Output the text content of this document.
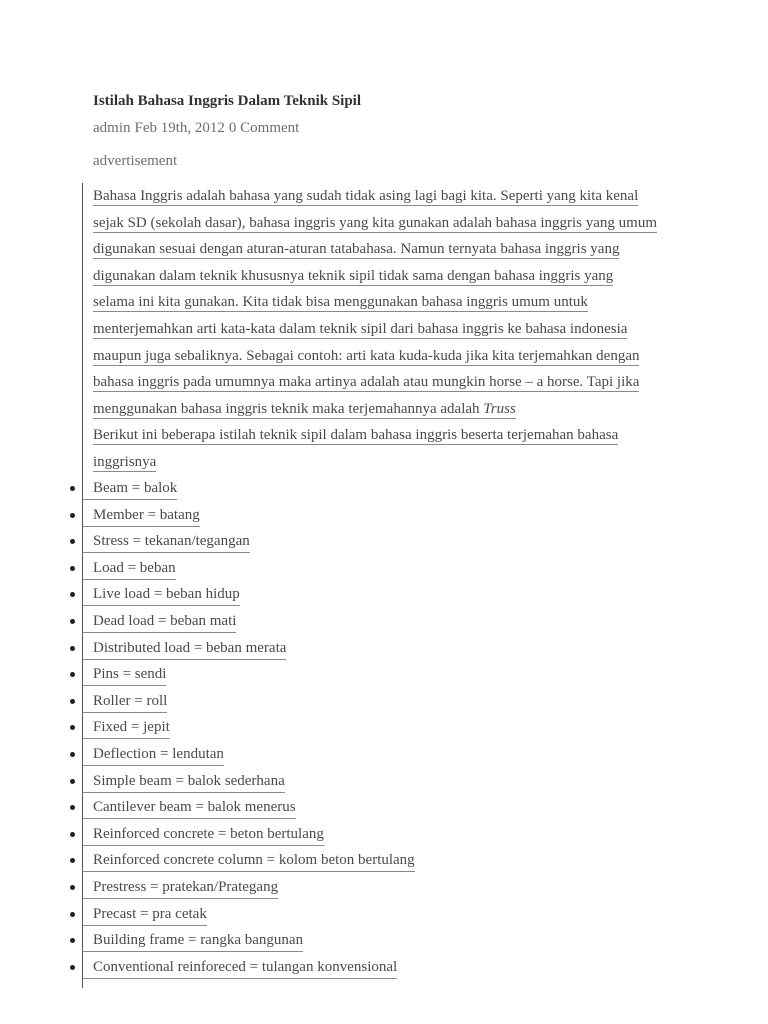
Istilah Bahasa Inggris Dalam Teknik Sipil
admin Feb 19th, 2012 0 Comment
advertisement
Bahasa Inggris adalah bahasa yang sudah tidak asing lagi bagi kita. Seperti yang kita kenal
sejak SD (sekolah dasar), bahasa inggris yang kita gunakan adalah bahasa inggris yang umum
digunakan sesuai dengan aturan-aturan tatabahasa. Namun ternyata bahasa inggris yang
digunakan dalam teknik khususnya teknik sipil tidak sama dengan bahasa inggris yang
selama ini kita gunakan. Kita tidak bisa menggunakan bahasa inggris umum untuk
menterjemahkan arti kata-kata dalam teknik sipil dari bahasa inggris ke bahasa indonesia
maupun juga sebaliknya. Sebagai contoh: arti kata kuda-kuda jika kita terjemahkan dengan
bahasa inggris pada umumnya maka artinya adalah atau mungkin horse – a horse. Tapi jika
menggunakan bahasa inggris teknik maka terjemahannya adalah Truss
Berikut ini beberapa istilah teknik sipil dalam bahasa inggris beserta terjemahan bahasa
inggrisnya
Beam = balok
Member = batang
Stress = tekanan/tegangan
Load = beban
Live load = beban hidup
Dead load = beban mati
Distributed load = beban merata
Pins = sendi
Roller = roll
Fixed = jepit
Deflection = lendutan
Simple beam = balok sederhana
Cantilever beam = balok menerus
Reinforced concrete = beton bertulang
Reinforced concrete column = kolom beton bertulang
Prestress = pratekan/Prategang
Precast = pra cetak
Building frame = rangka bangunan
Conventional reinforeced = tulangan konvensional
